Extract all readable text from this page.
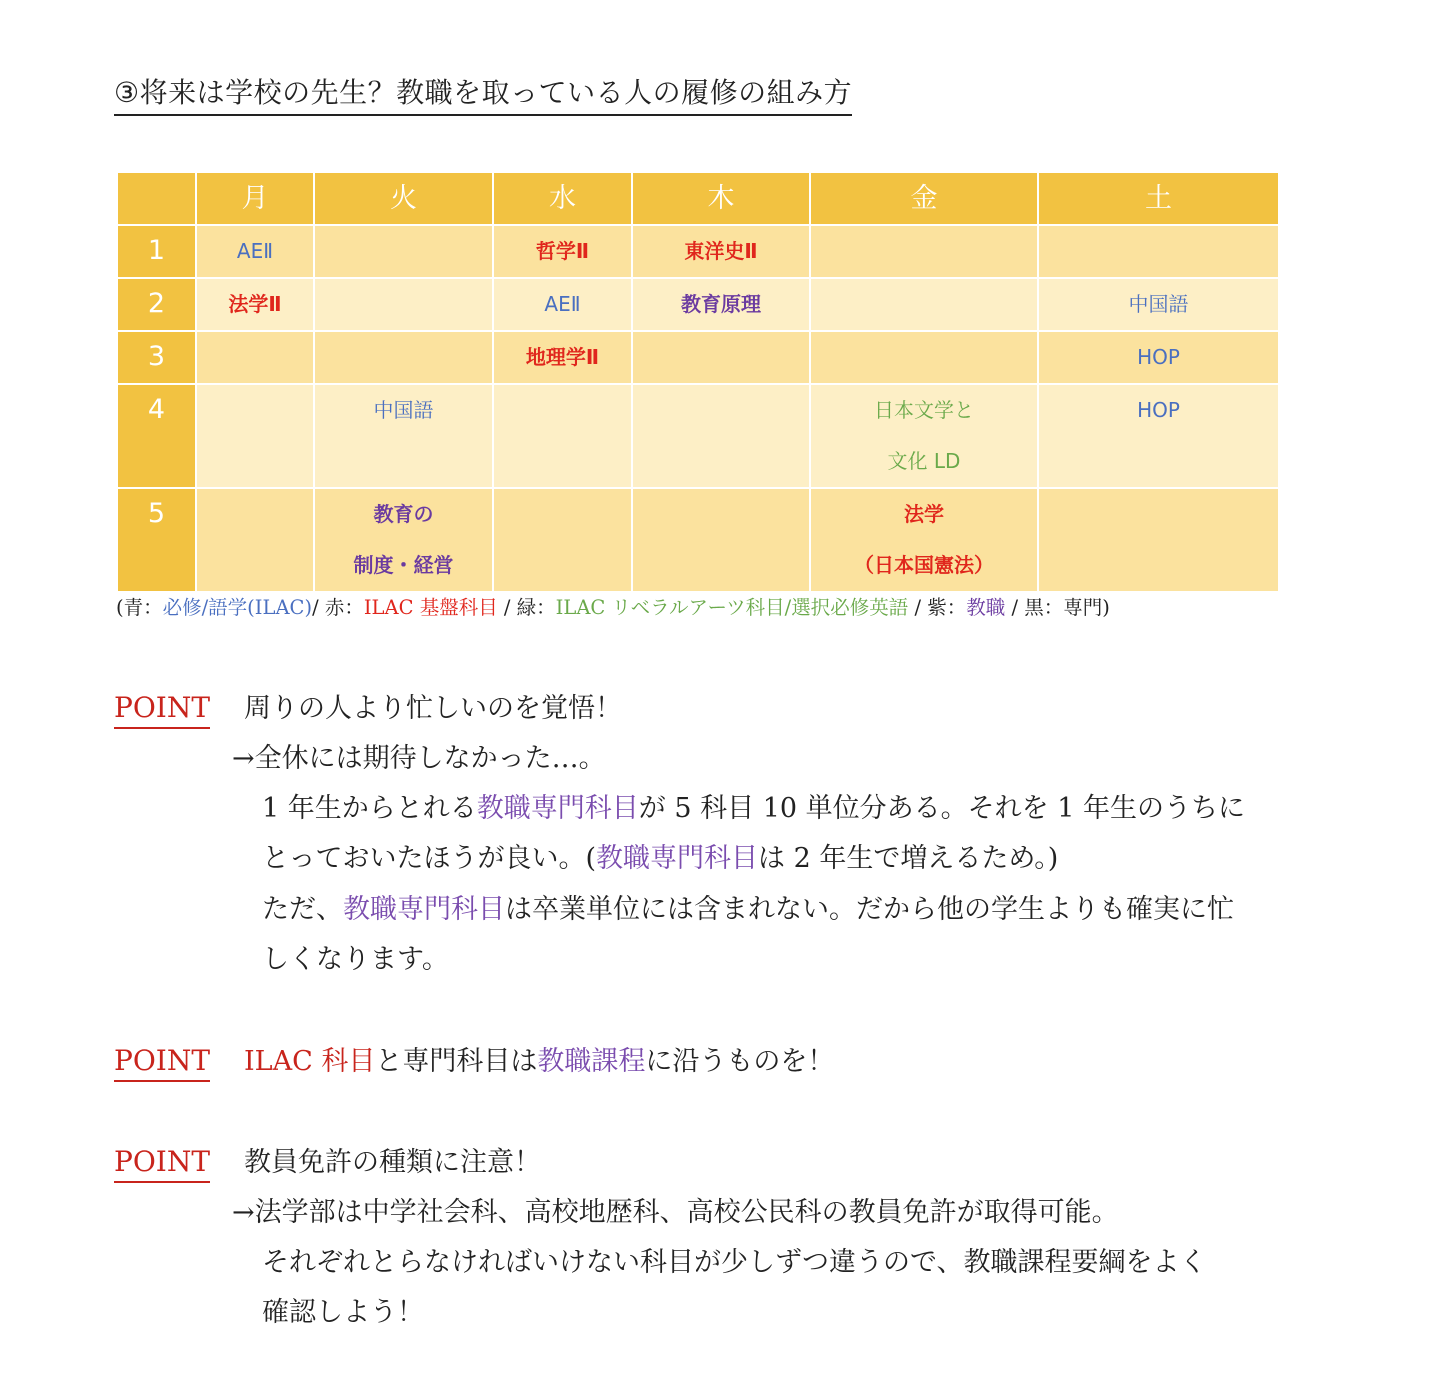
③将来は学校の先生？教職を取っている人の履修の組み方
	月	火	水	木	金	土
1	AEⅡ		哲学Ⅱ	東洋史Ⅱ		

2	法学Ⅱ		AEⅡ	教育原理		中国語

3			地理学Ⅱ			HOP

4		中国語			日本文学と
文化 LD	HOP

5		教育の
制度・経営			法学
（日本国憲法）	

(青：必修/語学(ILAC)/ 赤：ILAC 基盤科目 / 緑：ILAC リベラルアーツ科目/選択必修英語 / 紫：教職 / 黒：専門)
POINT 周りの人より忙しいのを覚悟！
→全休には期待しなかった…。
1 年生からとれる教職専門科目が 5 科目 10 単位分ある。それを 1 年生のうちに
とっておいたほうが良い。(教職専門科目は 2 年生で増えるため。)
ただ、教職専門科目は卒業単位には含まれない。だから他の学生よりも確実に忙
しくなります。
POINT ILAC 科目と専門科目は教職課程に沿うものを！
POINT 教員免許の種類に注意！
→法学部は中学社会科、高校地歴科、高校公民科の教員免許が取得可能。
それぞれとらなければいけない科目が少しずつ違うので、教職課程要綱をよく
確認しよう！
